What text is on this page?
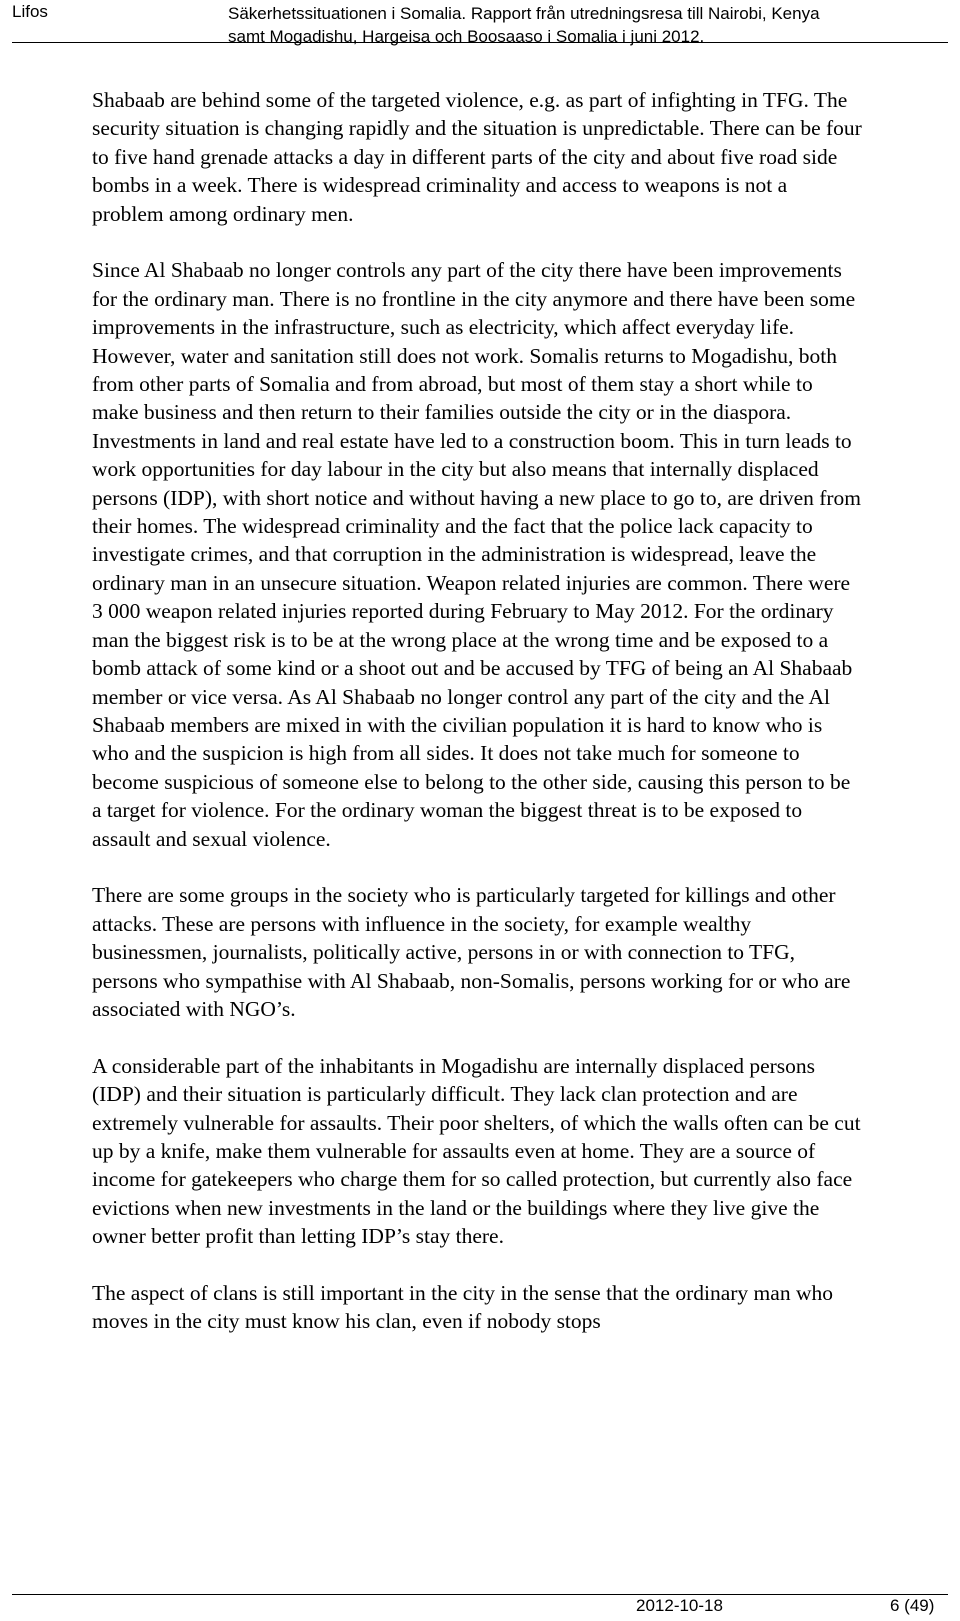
Lifos	Säkerhetssituationen i Somalia. Rapport från utredningsresa till Nairobi, Kenya
samt Mogadishu, Hargeisa och Boosaaso i Somalia i juni 2012.

Shabaab are behind some of the targeted violence, e.g. as part of infighting in TFG. The security situation is changing rapidly and the situation is unpredictable. There can be four to five hand grenade attacks a day in different parts of the city and about five road side bombs in a week. There is widespread criminality and access to weapons is not a problem among ordinary men.

Since Al Shabaab no longer controls any part of the city there have been improvements for the ordinary man. There is no frontline in the city anymore and there have been some improvements in the infrastructure, such as electricity, which affect everyday life. However, water and sanitation still does not work. Somalis returns to Mogadishu, both from other parts of Somalia and from abroad, but most of them stay a short while to make business and then return to their families outside the city or in the diaspora. Investments in land and real estate have led to a construction boom. This in turn leads to work opportunities for day labour in the city but also means that internally displaced persons (IDP), with short notice and without having a new place to go to, are driven from their homes. The widespread criminality and the fact that the police lack capacity to investigate crimes, and that corruption in the administration is widespread, leave the ordinary man in an unsecure situation. Weapon related injuries are common. There were 3 000 weapon related injuries reported during February to May 2012. For the ordinary man the biggest risk is to be at the wrong place at the wrong time and be exposed to a bomb attack of some kind or a shoot out and be accused by TFG of being an Al Shabaab member or vice versa. As Al Shabaab no longer control any part of the city and the Al Shabaab members are mixed in with the civilian population it is hard to know who is who and the suspicion is high from all sides. It does not take much for someone to become suspicious of someone else to belong to the other side, causing this person to be a target for violence. For the ordinary woman the biggest threat is to be exposed to assault and sexual violence.

There are some groups in the society who is particularly targeted for killings and other attacks. These are persons with influence in the society, for example wealthy businessmen, journalists, politically active, persons in or with connection to TFG, persons who sympathise with Al Shabaab, non-Somalis, persons working for or who are associated with NGO’s.

A considerable part of the inhabitants in Mogadishu are internally displaced persons (IDP) and their situation is particularly difficult. They lack clan protection and are extremely vulnerable for assaults. Their poor shelters, of which the walls often can be cut up by a knife, make them vulnerable for assaults even at home. They are a source of income for gatekeepers who charge them for so called protection, but currently also face evictions when new investments in the land or the buildings where they live give the owner better profit than letting IDP’s stay there.

The aspect of clans is still important in the city in the sense that the ordinary man who moves in the city must know his clan, even if nobody stops

2012-10-18	6 (49)
